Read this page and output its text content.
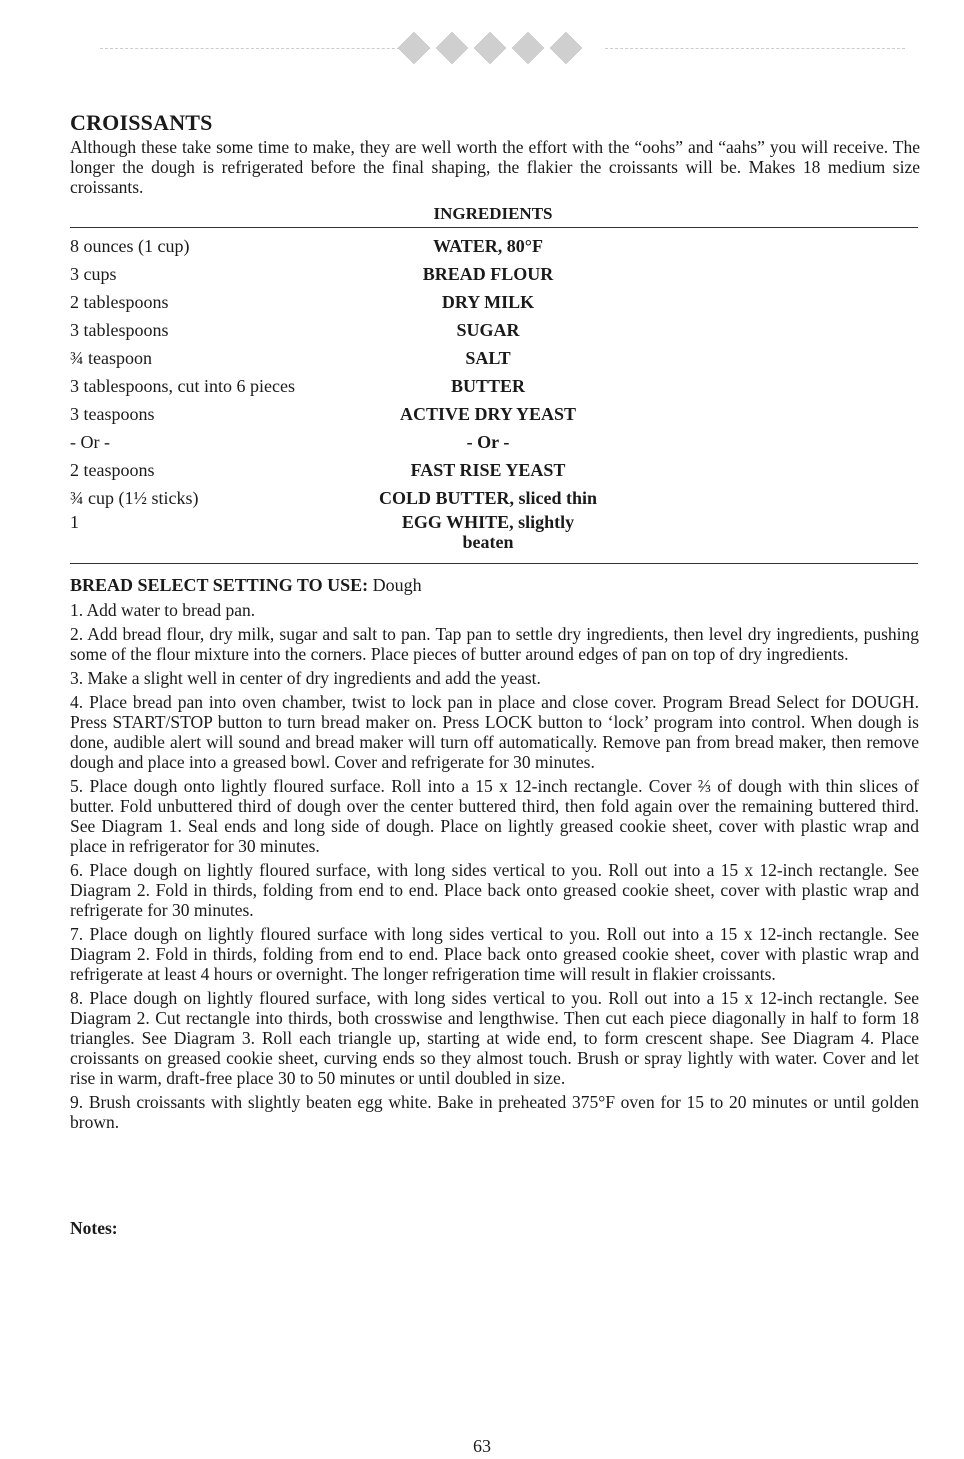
CROISSANTS
Although these take some time to make, they are well worth the effort with the “oohs” and “aahs” you will receive. The longer the dough is refrigerated before the final shaping, the flakier the croissants will be. Makes 18 medium size croissants.
INGREDIENTS
8 ounces (1 cup)	WATER, 80°F
3 cups	BREAD FLOUR
2 tablespoons	DRY MILK
3 tablespoons	SUGAR
¾ teaspoon	SALT
3 tablespoons, cut into 6 pieces	BUTTER
3 teaspoons	ACTIVE DRY YEAST
- Or -	- Or -
2 teaspoons	FAST RISE YEAST
¾ cup (1½ sticks)	COLD BUTTER, sliced thin
1	EGG WHITE, slightly beaten
BREAD SELECT SETTING TO USE: Dough

1. Add water to bread pan.

2. Add bread flour, dry milk, sugar and salt to pan. Tap pan to settle dry ingredients, then level dry ingredients, pushing some of the flour mixture into the corners. Place pieces of butter around edges of pan on top of dry ingredients.

3. Make a slight well in center of dry ingredients and add the yeast.

4. Place bread pan into oven chamber, twist to lock pan in place and close cover. Program Bread Select for DOUGH. Press START/STOP button to turn bread maker on. Press LOCK button to ‘lock’ program into control. When dough is done, audible alert will sound and bread maker will turn off automatically. Remove pan from bread maker, then remove dough and place into a greased bowl. Cover and refrigerate for 30 minutes.

5. Place dough onto lightly floured surface. Roll into a 15 x 12-inch rectangle. Cover ⅔ of dough with thin slices of butter. Fold unbuttered third of dough over the center buttered third, then fold again over the remaining buttered third. See Diagram 1. Seal ends and long side of dough. Place on lightly greased cookie sheet, cover with plastic wrap and place in refrigerator for 30 minutes.

6. Place dough on lightly floured surface, with long sides vertical to you. Roll out into a 15 x 12-inch rectangle. See Diagram 2. Fold in thirds, folding from end to end. Place back onto greased cookie sheet, cover with plastic wrap and refrigerate for 30 minutes.

7. Place dough on lightly floured surface with long sides vertical to you. Roll out into a 15 x 12-inch rectangle. See Diagram 2. Fold in thirds, folding from end to end. Place back onto greased cookie sheet, cover with plastic wrap and refrigerate at least 4 hours or overnight. The longer refrigeration time will result in flakier croissants.

8. Place dough on lightly floured surface, with long sides vertical to you. Roll out into a 15 x 12-inch rectangle. See Diagram 2. Cut rectangle into thirds, both crosswise and lengthwise. Then cut each piece diagonally in half to form 18 triangles. See Diagram 3. Roll each triangle up, starting at wide end, to form crescent shape. See Diagram 4. Place croissants on greased cookie sheet, curving ends so they almost touch. Brush or spray lightly with water. Cover and let rise in warm, draft-free place 30 to 50 minutes or until doubled in size.

9. Brush croissants with slightly beaten egg white. Bake in preheated 375°F oven for 15 to 20 minutes or until golden brown.

Notes:
63
